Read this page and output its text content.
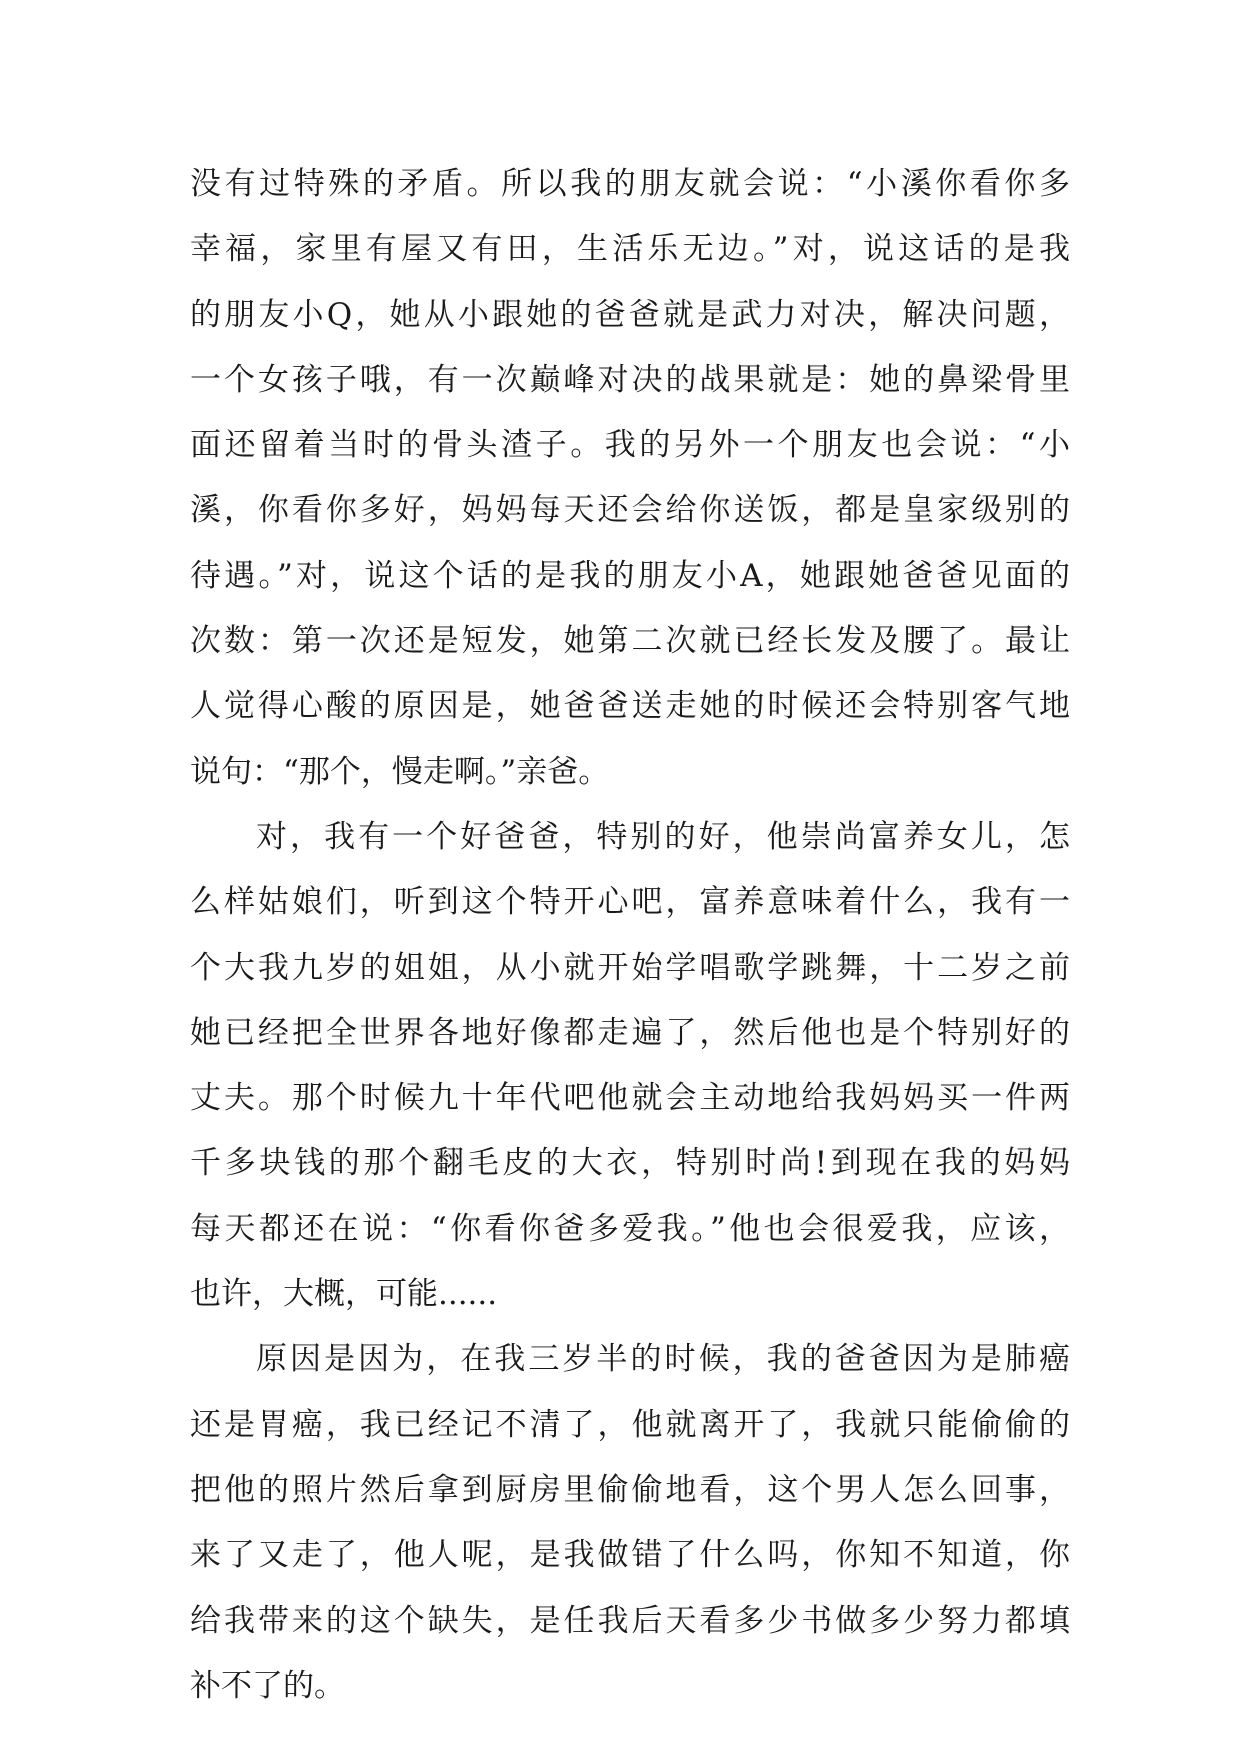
没有过特殊的矛盾。所以我的朋友就会说：“小溪你看你多
幸福，家里有屋又有田，生活乐无边。”对，说这话的是我
的朋友小Q，她从小跟她的爸爸就是武力对决，解决问题，
一个女孩子哦，有一次巅峰对决的战果就是：她的鼻梁骨里
面还留着当时的骨头渣子。我的另外一个朋友也会说：“小
溪，你看你多好，妈妈每天还会给你送饭，都是皇家级别的
待遇。”对，说这个话的是我的朋友小A，她跟她爸爸见面的
次数：第一次还是短发，她第二次就已经长发及腰了。最让
人觉得心酸的原因是，她爸爸送走她的时候还会特别客气地
说句：“那个，慢走啊。”亲爸。
对，我有一个好爸爸，特别的好，他崇尚富养女儿，怎
么样姑娘们，听到这个特开心吧，富养意味着什么，我有一
个大我九岁的姐姐，从小就开始学唱歌学跳舞，十二岁之前
她已经把全世界各地好像都走遍了，然后他也是个特别好的
丈夫。那个时候九十年代吧他就会主动地给我妈妈买一件两
千多块钱的那个翻毛皮的大衣，特别时尚!到现在我的妈妈
每天都还在说：“你看你爸多爱我。”他也会很爱我，应该，
也许，大概，可能......
原因是因为，在我三岁半的时候，我的爸爸因为是肺癌
还是胃癌，我已经记不清了，他就离开了，我就只能偷偷的
把他的照片然后拿到厨房里偷偷地看，这个男人怎么回事，
来了又走了，他人呢，是我做错了什么吗，你知不知道，你
给我带来的这个缺失，是任我后天看多少书做多少努力都填
补不了的。
